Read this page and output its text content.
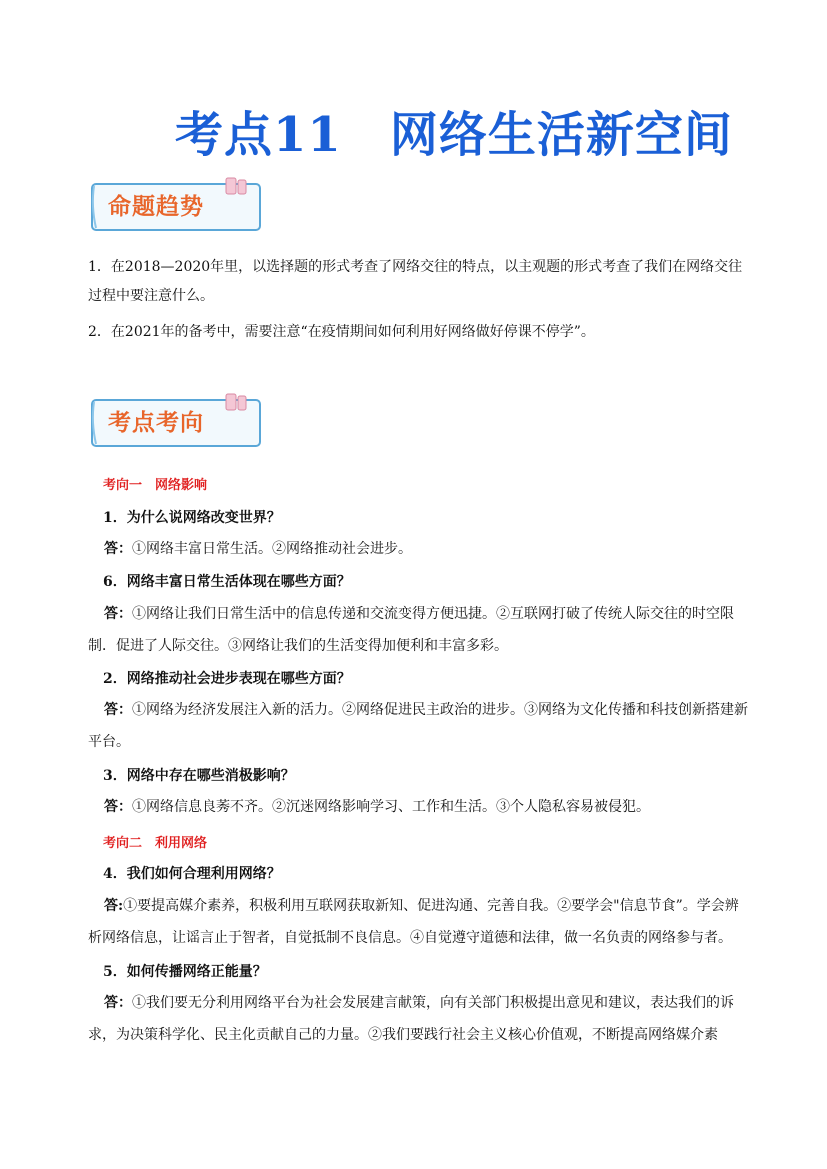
考点11 网络生活新空间
命题趋势

1．在2018—2020年里，以选择题的形式考查了网络交往的特点，以主观题的形式考查了我们在网络交往过程中要注意什么。

2．在2021年的备考中，需要注意“在疫情期间如何利用好网络做好停课不停学”。

考点考向

考向一　网络影响

1．为什么说网络改变世界？

答：①网络丰富日常生活。②网络推动社会进步。

6．网络丰富日常生活体现在哪些方面？

答：①网络让我们日常生活中的信息传递和交流变得方便迅捷。②互联网打破了传统人际交往的时空限制．促进了人际交往。③网络让我们的生活变得加便利和丰富多彩。

2．网络推动社会进步表现在哪些方面？

答：①网络为经济发展注入新的活力。②网络促进民主政治的进步。③网络为文化传播和科技创新搭建新平台。

3．网络中存在哪些消极影响？

答：①网络信息良莠不齐。②沉迷网络影响学习、工作和生活。③个人隐私容易被侵犯。

考向二　利用网络

4．我们如何合理利用网络？

答:①要提高媒介素养，积极利用互联网获取新知、促进沟通、完善自我。②要学会"信息节食”。学会辨析网络信息，让谣言止于智者，自觉抵制不良信息。④自觉遵守道德和法律，做一名负责的网络参与者。

5．如何传播网络正能量？

答：①我们要无分利用网络平台为社会发展建言献策，向有关部门积极提出意见和建议，表达我们的诉求，为决策科学化、民主化贡献自己的力量。②我们要践行社会主义核心价值观，不断提高网络媒介素
